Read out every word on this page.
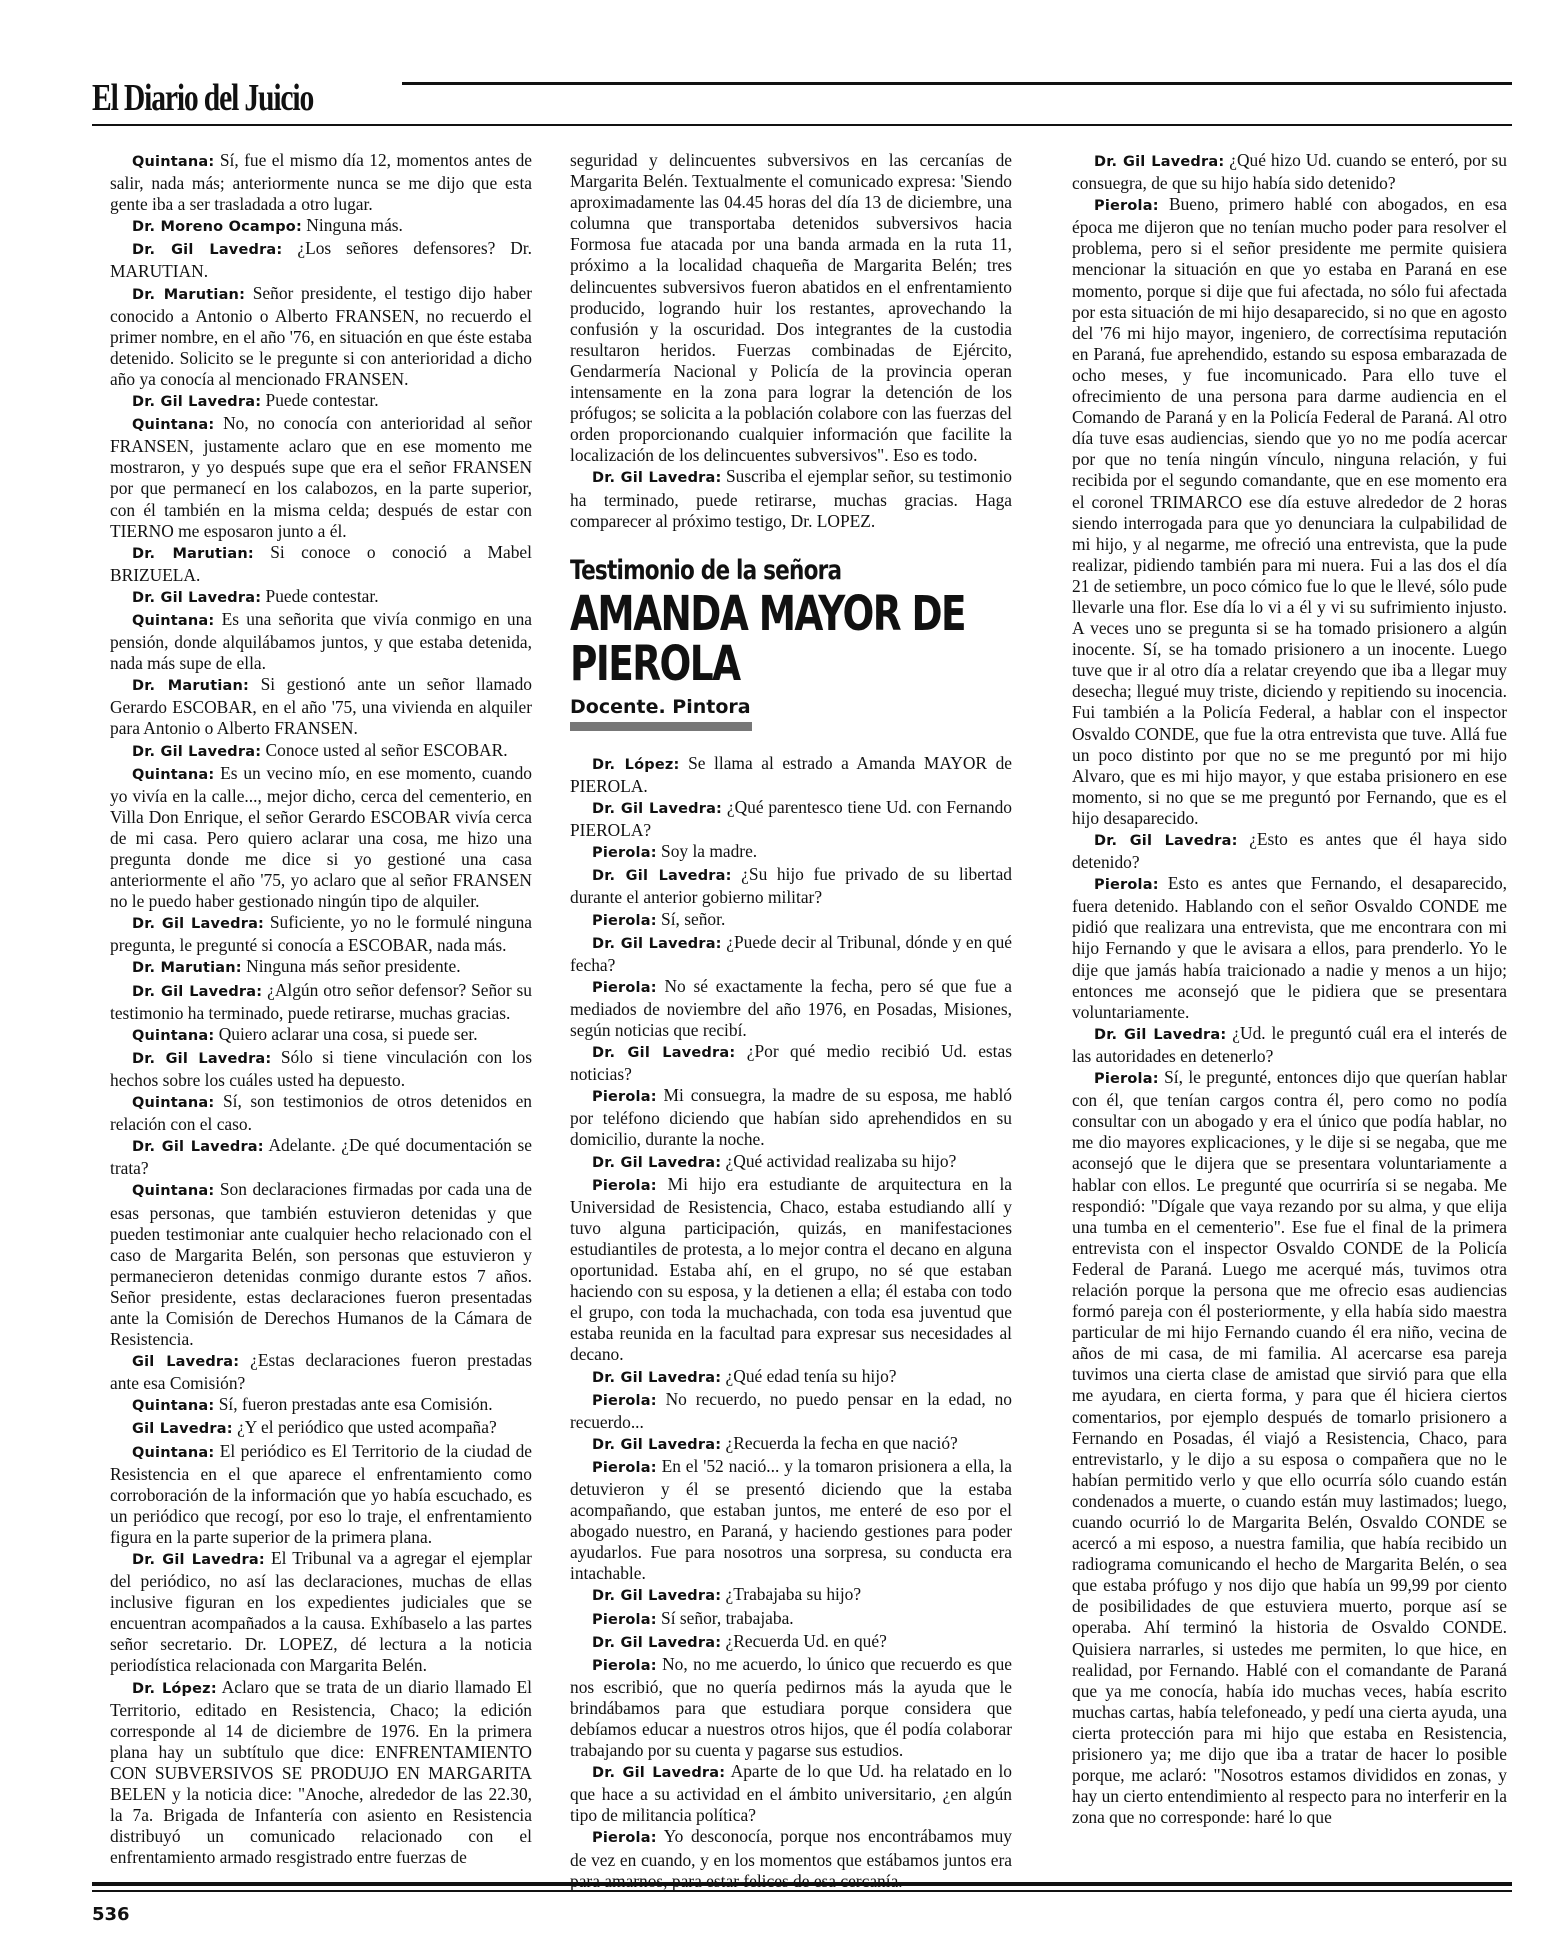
El Diario del Juicio

Quintana: Sí, fue el mismo día 12, momentos antes de salir, nada más; anteriormente nunca se me dijo que esta gente iba a ser trasladada a otro lugar.

Dr. Moreno Ocampo: Ninguna más.

Dr. Gil Lavedra: ¿Los señores defensores? Dr. MARUTIAN.

Dr. Marutian: Señor presidente, el testigo dijo haber conocido a Antonio o Alberto FRANSEN, no recuerdo el primer nombre, en el año '76, en situación en que éste estaba detenido. Solicito se le pregunte si con anterioridad a dicho año ya conocía al mencionado FRANSEN.

Dr. Gil Lavedra: Puede contestar.

Quintana: No, no conocía con anterioridad al señor FRANSEN, justamente aclaro que en ese momento me mostraron, y yo después supe que era el señor FRANSEN por que permanecí en los calabozos, en la parte superior, con él también en la misma celda; después de estar con TIERNO me esposaron junto a él.

Dr. Marutian: Si conoce o conoció a Mabel BRIZUELA.

Dr. Gil Lavedra: Puede contestar.

Quintana: Es una señorita que vivía conmigo en una pensión, donde alquilábamos juntos, y que estaba detenida, nada más supe de ella.

Dr. Marutian: Si gestionó ante un señor llamado Gerardo ESCOBAR, en el año '75, una vivienda en alquiler para Antonio o Alberto FRANSEN.

Dr. Gil Lavedra: Conoce usted al señor ESCOBAR.

Quintana: Es un vecino mío, en ese momento, cuando yo vivía en la calle..., mejor dicho, cerca del cementerio, en Villa Don Enrique, el señor Gerardo ESCOBAR vivía cerca de mi casa. Pero quiero aclarar una cosa, me hizo una pregunta donde me dice si yo gestioné una casa anteriormente el año '75, yo aclaro que al señor FRANSEN no le puedo haber gestionado ningún tipo de alquiler.

Dr. Gil Lavedra: Suficiente, yo no le formulé ninguna pregunta, le pregunté si conocía a ESCOBAR, nada más.

Dr. Marutian: Ninguna más señor presidente.

Dr. Gil Lavedra: ¿Algún otro señor defensor? Señor su testimonio ha terminado, puede retirarse, muchas gracias.

Quintana: Quiero aclarar una cosa, si puede ser.

Dr. Gil Lavedra: Sólo si tiene vinculación con los hechos sobre los cuáles usted ha depuesto.

Quintana: Sí, son testimonios de otros detenidos en relación con el caso.

Dr. Gil Lavedra: Adelante. ¿De qué documentación se trata?

Quintana: Son declaraciones firmadas por cada una de esas personas, que también estuvieron detenidas y que pueden testimoniar ante cualquier hecho relacionado con el caso de Margarita Belén, son personas que estuvieron y permanecieron detenidas conmigo durante estos 7 años. Señor presidente, estas declaraciones fueron presentadas ante la Comisión de Derechos Humanos de la Cámara de Resistencia.

Gil Lavedra: ¿Estas declaraciones fueron prestadas ante esa Comisión?

Quintana: Sí, fueron prestadas ante esa Comisión.

Gil Lavedra: ¿Y el periódico que usted acompaña?

Quintana: El periódico es El Territorio de la ciudad de Resistencia en el que aparece el enfrentamiento como corroboración de la información que yo había escuchado, es un periódico que recogí, por eso lo traje, el enfrentamiento figura en la parte superior de la primera plana.

Dr. Gil Lavedra: El Tribunal va a agregar el ejemplar del periódico, no así las declaraciones, muchas de ellas inclusive figuran en los expedientes judiciales que se encuentran acompañados a la causa. Exhíbaselo a las partes señor secretario. Dr. LOPEZ, dé lectura a la noticia periodística relacionada con Margarita Belén.

Dr. López: Aclaro que se trata de un diario llamado El Territorio, editado en Resistencia, Chaco; la edición corresponde al 14 de diciembre de 1976. En la primera plana hay un subtítulo que dice: ENFRENTAMIENTO CON SUBVERSIVOS SE PRODUJO EN MARGARITA BELEN y la noticia dice: "Anoche, alrededor de las 22.30, la 7a. Brigada de Infantería con asiento en Resistencia distribuyó un comunicado relacionado con el enfrentamiento armado resgistrado entre fuerzas de

seguridad y delincuentes subversivos en las cercanías de Margarita Belén. Textualmente el comunicado expresa: 'Siendo aproximadamente las 04.45 horas del día 13 de diciembre, una columna que transportaba detenidos subversivos hacia Formosa fue atacada por una banda armada en la ruta 11, próximo a la localidad chaqueña de Margarita Belén; tres delincuentes subversivos fueron abatidos en el enfrentamiento producido, logrando huir los restantes, aprovechando la confusión y la oscuridad. Dos integrantes de la custodia resultaron heridos. Fuerzas combinadas de Ejército, Gendarmería Nacional y Policía de la provincia operan intensamente en la zona para lograr la detención de los prófugos; se solicita a la población colabore con las fuerzas del orden proporcionando cualquier información que facilite la localización de los delincuentes subversivos". Eso es todo.

Dr. Gil Lavedra: Suscriba el ejemplar señor, su testimonio ha terminado, puede retirarse, muchas gracias. Haga comparecer al próximo testigo, Dr. LOPEZ.

Testimonio de la señora
AMANDA MAYOR DE
PIEROLA
Docente. Pintora

Dr. López: Se llama al estrado a Amanda MAYOR de PIEROLA.

Dr. Gil Lavedra: ¿Qué parentesco tiene Ud. con Fernando PIEROLA?

Pierola: Soy la madre.

Dr. Gil Lavedra: ¿Su hijo fue privado de su libertad durante el anterior gobierno militar?

Pierola: Sí, señor.

Dr. Gil Lavedra: ¿Puede decir al Tribunal, dónde y en qué fecha?

Pierola: No sé exactamente la fecha, pero sé que fue a mediados de noviembre del año 1976, en Posadas, Misiones, según noticias que recibí.

Dr. Gil Lavedra: ¿Por qué medio recibió Ud. estas noticias?

Pierola: Mi consuegra, la madre de su esposa, me habló por teléfono diciendo que habían sido aprehendidos en su domicilio, durante la noche.

Dr. Gil Lavedra: ¿Qué actividad realizaba su hijo?

Pierola: Mi hijo era estudiante de arquitectura en la Universidad de Resistencia, Chaco, estaba estudiando allí y tuvo alguna participación, quizás, en manifestaciones estudiantiles de protesta, a lo mejor contra el decano en alguna oportunidad. Estaba ahí, en el grupo, no sé que estaban haciendo con su esposa, y la detienen a ella; él estaba con todo el grupo, con toda la muchachada, con toda esa juventud que estaba reunida en la facultad para expresar sus necesidades al decano.

Dr. Gil Lavedra: ¿Qué edad tenía su hijo?

Pierola: No recuerdo, no puedo pensar en la edad, no recuerdo...

Dr. Gil Lavedra: ¿Recuerda la fecha en que nació?

Pierola: En el '52 nació... y la tomaron prisionera a ella, la detuvieron y él se presentó diciendo que la estaba acompañando, que estaban juntos, me enteré de eso por el abogado nuestro, en Paraná, y haciendo gestiones para poder ayudarlos. Fue para nosotros una sorpresa, su conducta era intachable.

Dr. Gil Lavedra: ¿Trabajaba su hijo?

Pierola: Sí señor, trabajaba.

Dr. Gil Lavedra: ¿Recuerda Ud. en qué?

Pierola: No, no me acuerdo, lo único que recuerdo es que nos escribió, que no quería pedirnos más la ayuda que le brindábamos para que estudiara porque considera que debíamos educar a nuestros otros hijos, que él podía colaborar trabajando por su cuenta y pagarse sus estudios.

Dr. Gil Lavedra: Aparte de lo que Ud. ha relatado en lo que hace a su actividad en el ámbito universitario, ¿en algún tipo de militancia política?

Pierola: Yo desconocía, porque nos encontrábamos muy de vez en cuando, y en los momentos que estábamos juntos era para amarnos, para estar felices de esa cercanía.

Dr. Gil Lavedra: ¿Qué hizo Ud. cuando se enteró, por su consuegra, de que su hijo había sido detenido?

Pierola: Bueno, primero hablé con abogados, en esa época me dijeron que no tenían mucho poder para resolver el problema, pero si el señor presidente me permite quisiera mencionar la situación en que yo estaba en Paraná en ese momento, porque si dije que fui afectada, no sólo fui afectada por esta situación de mi hijo desaparecido, si no que en agosto del '76 mi hijo mayor, ingeniero, de correctísima reputación en Paraná, fue aprehendido, estando su esposa embarazada de ocho meses, y fue incomunicado. Para ello tuve el ofrecimiento de una persona para darme audiencia en el Comando de Paraná y en la Policía Federal de Paraná. Al otro día tuve esas audiencias, siendo que yo no me podía acercar por que no tenía ningún vínculo, ninguna relación, y fui recibida por el segundo comandante, que en ese momento era el coronel TRIMARCO ese día estuve alrededor de 2 horas siendo interrogada para que yo denunciara la culpabilidad de mi hijo, y al negarme, me ofreció una entrevista, que la pude realizar, pidiendo también para mi nuera. Fui a las dos el día 21 de setiembre, un poco cómico fue lo que le llevé, sólo pude llevarle una flor. Ese día lo vi a él y vi su sufrimiento injusto. A veces uno se pregunta si se ha tomado prisionero a algún inocente. Sí, se ha tomado prisionero a un inocente. Luego tuve que ir al otro día a relatar creyendo que iba a llegar muy desecha; llegué muy triste, diciendo y repitiendo su inocencia. Fui también a la Policía Federal, a hablar con el inspector Osvaldo CONDE, que fue la otra entrevista que tuve. Allá fue un poco distinto por que no se me preguntó por mi hijo Alvaro, que es mi hijo mayor, y que estaba prisionero en ese momento, si no que se me preguntó por Fernando, que es el hijo desaparecido.

Dr. Gil Lavedra: ¿Esto es antes que él haya sido detenido?

Pierola: Esto es antes que Fernando, el desaparecido, fuera detenido. Hablando con el señor Osvaldo CONDE me pidió que realizara una entrevista, que me encontrara con mi hijo Fernando y que le avisara a ellos, para prenderlo. Yo le dije que jamás había traicionado a nadie y menos a un hijo; entonces me aconsejó que le pidiera que se presentara voluntariamente.

Dr. Gil Lavedra: ¿Ud. le preguntó cuál era el interés de las autoridades en detenerlo?

Pierola: Sí, le pregunté, entonces dijo que querían hablar con él, que tenían cargos contra él, pero como no podía consultar con un abogado y era el único que podía hablar, no me dio mayores explicaciones, y le dije si se negaba, que me aconsejó que le dijera que se presentara voluntariamente a hablar con ellos. Le pregunté que ocurriría si se negaba. Me respondió: "Dígale que vaya rezando por su alma, y que elija una tumba en el cementerio". Ese fue el final de la primera entrevista con el inspector Osvaldo CONDE de la Policía Federal de Paraná. Luego me acerqué más, tuvimos otra relación porque la persona que me ofrecio esas audiencias formó pareja con él posteriormente, y ella había sido maestra particular de mi hijo Fernando cuando él era niño, vecina de años de mi casa, de mi familia. Al acercarse esa pareja tuvimos una cierta clase de amistad que sirvió para que ella me ayudara, en cierta forma, y para que él hiciera ciertos comentarios, por ejemplo después de tomarlo prisionero a Fernando en Posadas, él viajó a Resistencia, Chaco, para entrevistarlo, y le dijo a su esposa o compañera que no le habían permitido verlo y que ello ocurría sólo cuando están condenados a muerte, o cuando están muy lastimados; luego, cuando ocurrió lo de Margarita Belén, Osvaldo CONDE se acercó a mi esposo, a nuestra familia, que había recibido un radiograma comunicando el hecho de Margarita Belén, o sea que estaba prófugo y nos dijo que había un 99,99 por ciento de posibilidades de que estuviera muerto, porque así se operaba. Ahí terminó la historia de Osvaldo CONDE. Quisiera narrarles, si ustedes me permiten, lo que hice, en realidad, por Fernando. Hablé con el comandante de Paraná que ya me conocía, había ido muchas veces, había escrito muchas cartas, había telefoneado, y pedí una cierta ayuda, una cierta protección para mi hijo que estaba en Resistencia, prisionero ya; me dijo que iba a tratar de hacer lo posible porque, me aclaró: "Nosotros estamos divididos en zonas, y hay un cierto entendimiento al respecto para no interferir en la zona que no corresponde: haré lo que

536
